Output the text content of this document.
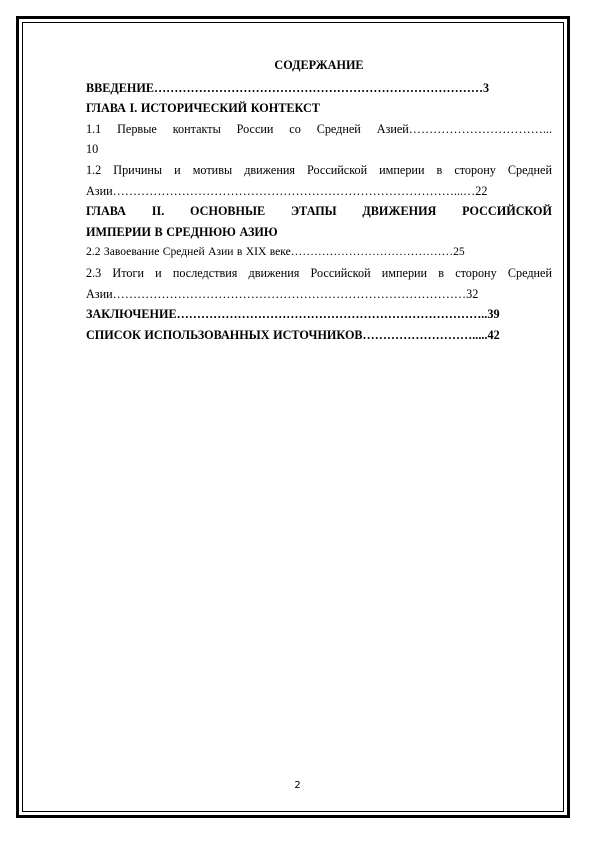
СОДЕРЖАНИЕ
ВВЕДЕНИЕ………………………………………………………………………3
ГЛАВА I. ИСТОРИЧЕСКИЙ КОНТЕКСТ
1.1 Первые контакты России со Средней Азией……………………………...
10
1.2 Причины и мотивы движения Российской империи в сторону Средней
Азии…………………………………………………………………………...…22
ГЛАВА II. ОСНОВНЫЕ ЭТАПЫ ДВИЖЕНИЯ РОССИЙСКОЙ
ИМПЕРИИ В СРЕДНЮЮ АЗИЮ
2.2 Завоевание Средней Азии в XIX веке……………………………………25
2.3 Итоги и последствия движения Российской империи в сторону Средней
Азии……………………………………………………………………………32
ЗАКЛЮЧЕНИЕ…………………………………………………………………..39
СПИСОК ИСПОЛЬЗОВАННЫХ ИСТОЧНИКОВ……………………….....42
2
